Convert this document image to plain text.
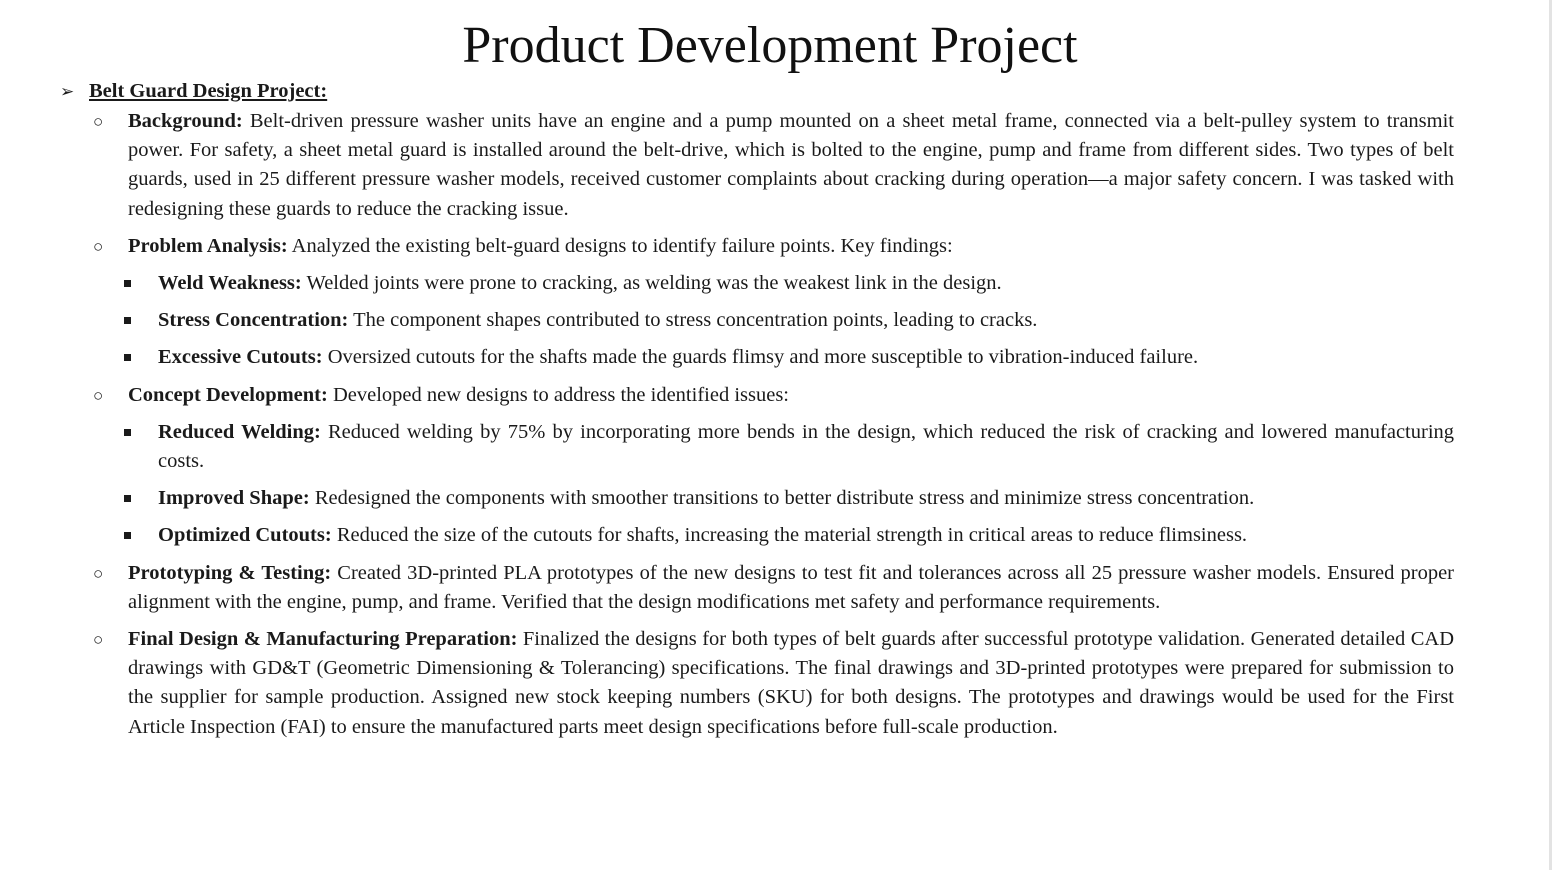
Product Development Project
➢ Belt Guard Design Project:
○ Background: Belt-driven pressure washer units have an engine and a pump mounted on a sheet metal frame, connected via a belt-pulley system to transmit power. For safety, a sheet metal guard is installed around the belt-drive, which is bolted to the engine, pump and frame from different sides. Two types of belt guards, used in 25 different pressure washer models, received customer complaints about cracking during operation—a major safety concern. I was tasked with redesigning these guards to reduce the cracking issue.
○ Problem Analysis: Analyzed the existing belt-guard designs to identify failure points. Key findings:
Weld Weakness: Welded joints were prone to cracking, as welding was the weakest link in the design.
Stress Concentration: The component shapes contributed to stress concentration points, leading to cracks.
Excessive Cutouts: Oversized cutouts for the shafts made the guards flimsy and more susceptible to vibration-induced failure.
○ Concept Development: Developed new designs to address the identified issues:
Reduced Welding: Reduced welding by 75% by incorporating more bends in the design, which reduced the risk of cracking and lowered manufacturing costs.
Improved Shape: Redesigned the components with smoother transitions to better distribute stress and minimize stress concentration.
Optimized Cutouts: Reduced the size of the cutouts for shafts, increasing the material strength in critical areas to reduce flimsiness.
○ Prototyping & Testing: Created 3D-printed PLA prototypes of the new designs to test fit and tolerances across all 25 pressure washer models. Ensured proper alignment with the engine, pump, and frame. Verified that the design modifications met safety and performance requirements.
○ Final Design & Manufacturing Preparation: Finalized the designs for both types of belt guards after successful prototype validation. Generated detailed CAD drawings with GD&T (Geometric Dimensioning & Tolerancing) specifications. The final drawings and 3D-printed prototypes were prepared for submission to the supplier for sample production. Assigned new stock keeping numbers (SKU) for both designs. The prototypes and drawings would be used for the First Article Inspection (FAI) to ensure the manufactured parts meet design specifications before full-scale production.
